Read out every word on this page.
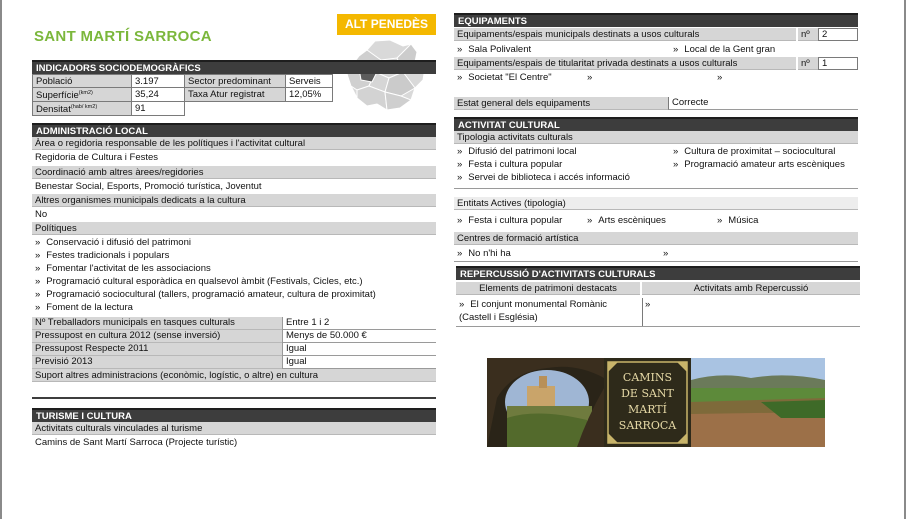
SANT MARTÍ SARROCA
ALT PENEDÈS
INDICADORS SOCIODEMOGRÀFICS
Població	3.197	Sector predominant	Serveis
Superfície$^{(km2)}$	35,24	Taxa Atur registrat	12,05%
Densitat$^{(hab/ km2)}$	91		
ADMINISTRACIÓ LOCAL
Àrea o regidoria responsable de les polítiques i l'activitat cultural
Regidoria de Cultura i Festes
Coordinació amb altres àrees/regidories
Benestar Social, Esports, Promoció turística, Joventut
Altres organismes municipals dedicats a la cultura
No
Polítiques
» Conservació i difusió del patrimoni
» Festes tradicionals i populars
» Fomentar l'activitat de les associacions
» Programació cultural esporàdica en qualsevol àmbit (Festivals, Cicles, etc.)
» Programació sociocultural (tallers, programació amateur, cultura de proximitat)
» Foment de la lectura
Nº Treballadors municipals en tasques culturals	Entre 1 i 2
Pressupost en cultura 2012 (sense inversió)	Menys de 50.000 €
Pressupost Respecte 2011	Igual
Previsió 2013	Igual
Suport altres administracions (econòmic, logístic, o altre) en cultura
TURISME I CULTURA
Activitats culturals vinculades al turisme
Camins de Sant Martí Sarroca (Projecte turístic)
EQUIPAMENTS
Equipaments/espais municipals destinats a usos culturals	nº	2
» Sala Polivalent	» Local de la Gent gran
Equipaments/espais de titularitat privada destinats a usos culturals	nº	1
» Societat "El Centre"
»
»
Estat general dels equipaments	Correcte
ACTIVITAT CULTURAL
Tipologia activitats culturals
» Difusió del patrimoni local
» Festa i cultura popular
» Servei de biblioteca i accés informació
» Cultura de proximitat – sociocultural
» Programació amateur arts escèniques
Entitats Actives (tipologia)
» Festa i cultura popular	» Arts escèniques	» Música
Centres de formació artística
» No n'hi ha
»
REPERCUSSIÓ D'ACTIVITATS CULTURALS
Elements de patrimoni destacats	Activitats amb Repercussió
» El conjunt monumental Romànic
(Castell i Església)
»
CAMINS
DE SANT
MARTÍ
SARROCA
